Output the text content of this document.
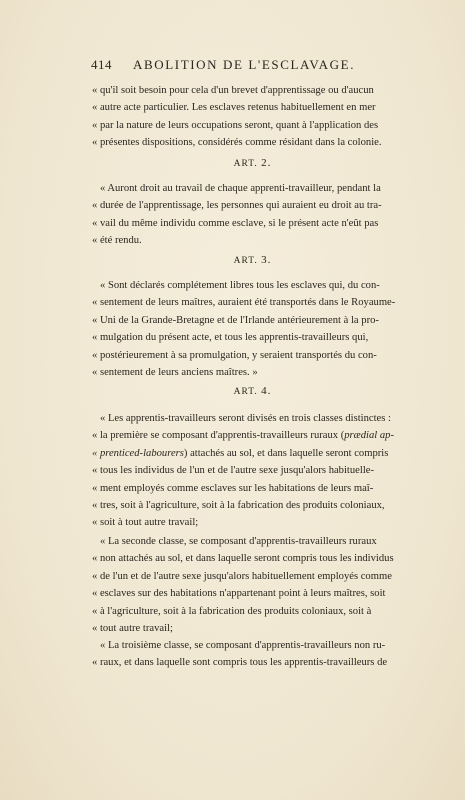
414 ABOLITION DE L'ESCLAVAGE.
« qu'il soit besoin pour cela d'un brevet d'apprentissage ou d'aucun
« autre acte particulier. Les esclaves retenus habituellement en mer
« par la nature de leurs occupations seront, quant à l'application des
« présentes dispositions, considérés comme résidant dans la colonie.
ART. 2.
« Auront droit au travail de chaque apprenti-travailleur, pendant la
« durée de l'apprentissage, les personnes qui auraient eu droit au tra-
« vail du même individu comme esclave, si le présent acte n'eût pas
« été rendu.
ART. 3.
« Sont déclarés complétement libres tous les esclaves qui, du con-
« sentement de leurs maîtres, auraient été transportés dans le Royaume-
« Uni de la Grande-Bretagne et de l'Irlande antérieurement à la pro-
« mulgation du présent acte, et tous les apprentis-travailleurs qui,
« postérieurement à sa promulgation, y seraient transportés du con-
« sentement de leurs anciens maîtres. »
ART. 4.
« Les apprentis-travailleurs seront divisés en trois classes distinctes :
« la première se composant d'apprentis-travailleurs ruraux (prædial ap-
« prenticed-labourers) attachés au sol, et dans laquelle seront compris
« tous les individus de l'un et de l'autre sexe jusqu'alors habituelle-
« ment employés comme esclaves sur les habitations de leurs maî-
« tres, soit à l'agriculture, soit à la fabrication des produits coloniaux,
« soit à tout autre travail;
« La seconde classe, se composant d'apprentis-travailleurs ruraux
« non attachés au sol, et dans laquelle seront compris tous les individus
« de l'un et de l'autre sexe jusqu'alors habituellement employés comme
« esclaves sur des habitations n'appartenant point à leurs maîtres, soit
« à l'agriculture, soit à la fabrication des produits coloniaux, soit à
« tout autre travail;
« La troisième classe, se composant d'apprentis-travailleurs non ru-
« raux, et dans laquelle sont compris tous les apprentis-travailleurs de
